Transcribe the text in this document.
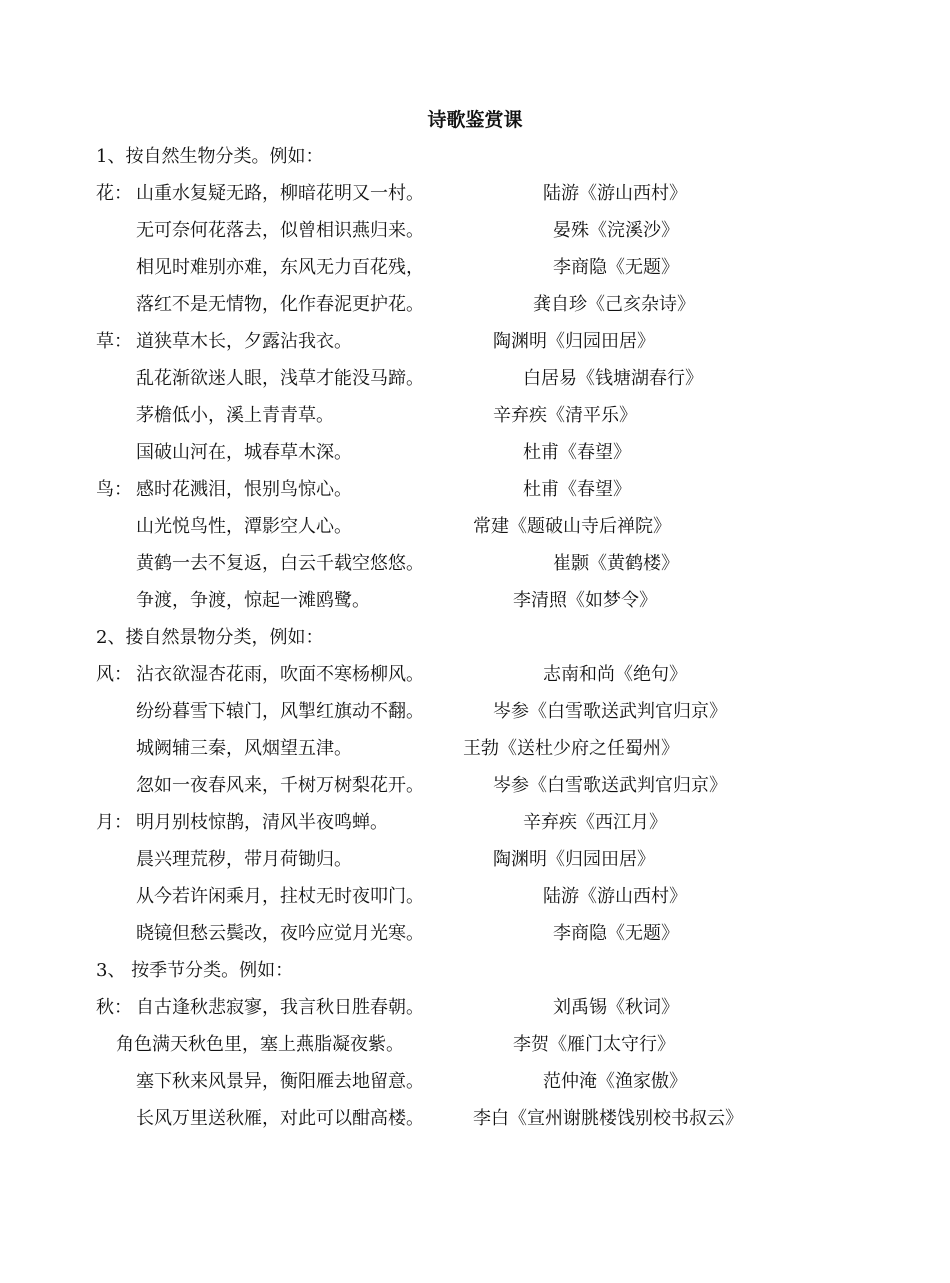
诗歌鉴赏课
1、按自然生物分类。例如：
花： 山重水复疑无路，柳暗花明又一村。	陆游《游山西村》
无可奈何花落去，似曾相识燕归来。	晏殊《浣溪沙》
相见时难别亦难，东风无力百花残，	李商隐《无题》
落红不是无情物，化作春泥更护花。	龚自珍《己亥杂诗》
草： 道狭草木长，夕露沾我衣。	陶渊明《归园田居》
乱花渐欲迷人眼，浅草才能没马蹄。	白居易《钱塘湖春行》
茅檐低小，溪上青青草。	辛弃疾《清平乐》
国破山河在，城春草木深。	杜甫《春望》
鸟： 感时花溅泪，恨别鸟惊心。	杜甫《春望》
山光悦鸟性，潭影空人心。	常建《题破山寺后禅院》
黄鹤一去不复返，白云千载空悠悠。	崔颢《黄鹤楼》
争渡，争渡，惊起一滩鸥鹭。	李清照《如梦令》
2、搂自然景物分类，例如：
风： 沾衣欲湿杏花雨，吹面不寒杨柳风。	志南和尚《绝句》
纷纷暮雪下辕门，风掣红旗动不翻。	岑参《白雪歌送武判官归京》
城阙辅三秦，风烟望五津。	王勃《送杜少府之任蜀州》
忽如一夜春风来，千树万树梨花开。	岑参《白雪歌送武判官归京》
月： 明月别枝惊鹊，清风半夜鸣蝉。	辛弃疾《西江月》
晨兴理荒秽，带月荷锄归。	陶渊明《归园田居》
从今若许闲乘月，拄杖无时夜叩门。	陆游《游山西村》
晓镜但愁云鬓改，夜吟应觉月光寒。	李商隐《无题》
3、 按季节分类。例如：
秋： 自古逢秋悲寂寥，我言秋日胜春朝。	刘禹锡《秋词》
角色满天秋色里，塞上燕脂凝夜紫。	李贺《雁门太守行》
塞下秋来风景异，衡阳雁去地留意。	范仲淹《渔家傲》
长风万里送秋雁，对此可以酣高楼。	李白《宣州谢朓楼饯别校书叔云》
